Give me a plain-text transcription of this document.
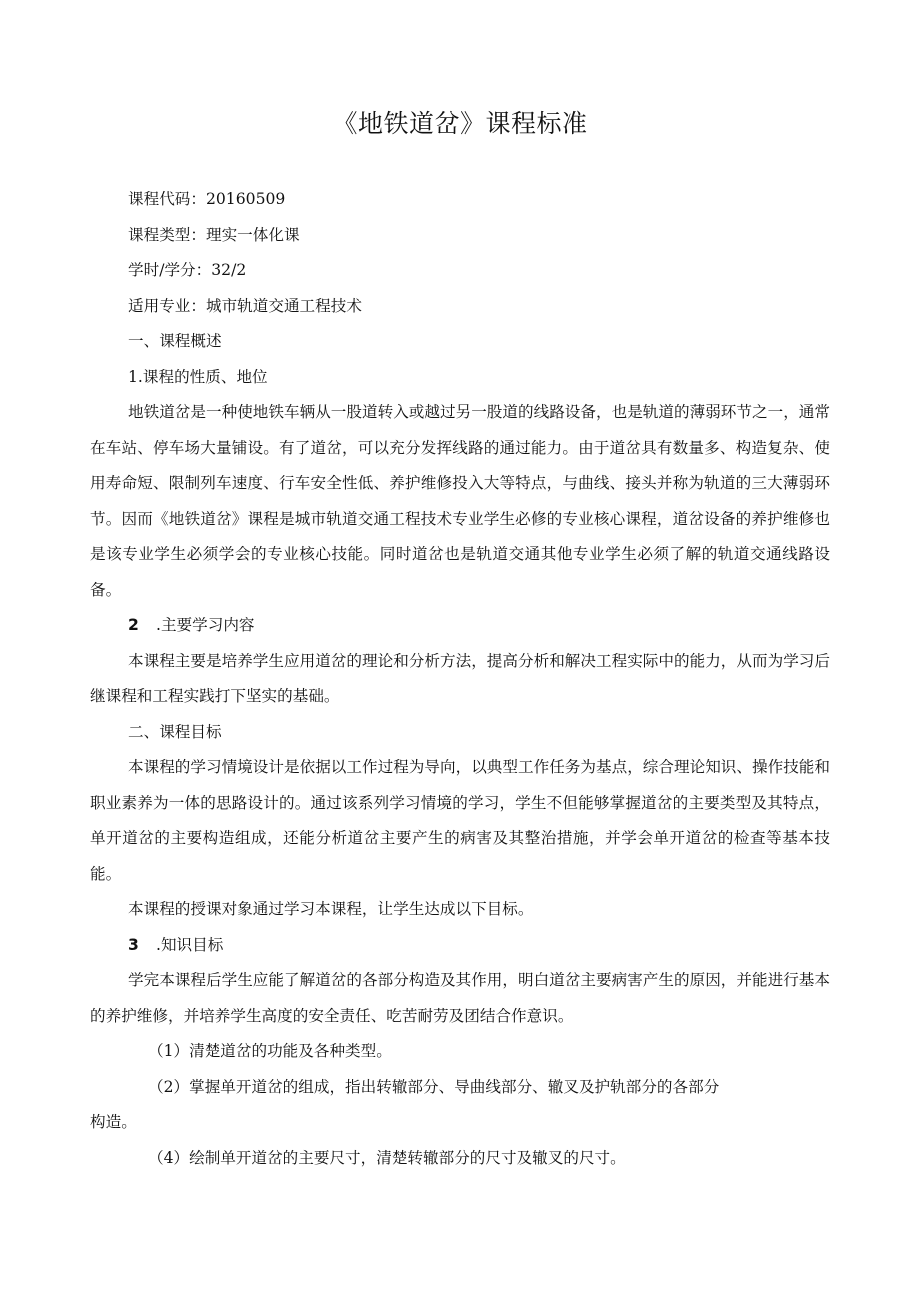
《地铁道岔》课程标准

课程代码：20160509

课程类型：理实一体化课

学时/学分：32/2

适用专业：城市轨道交通工程技术

一、课程概述

1.课程的性质、地位

地铁道岔是一种使地铁车辆从一股道转入或越过另一股道的线路设备，也是轨道的薄弱环节之一，通常在车站、停车场大量铺设。有了道岔，可以充分发挥线路的通过能力。由于道岔具有数量多、构造复杂、使用寿命短、限制列车速度、行车安全性低、养护维修投入大等特点，与曲线、接头并称为轨道的三大薄弱环节。因而《地铁道岔》课程是城市轨道交通工程技术专业学生必修的专业核心课程，道岔设备的养护维修也是该专业学生必须学会的专业核心技能。同时道岔也是轨道交通其他专业学生必须了解的轨道交通线路设备。

2 .主要学习内容

本课程主要是培养学生应用道岔的理论和分析方法，提高分析和解决工程实际中的能力，从而为学习后继课程和工程实践打下坚实的基础。

二、课程目标

本课程的学习情境设计是依据以工作过程为导向，以典型工作任务为基点，综合理论知识、操作技能和职业素养为一体的思路设计的。通过该系列学习情境的学习，学生不但能够掌握道岔的主要类型及其特点，单开道岔的主要构造组成，还能分析道岔主要产生的病害及其整治措施，并学会单开道岔的检查等基本技能。

本课程的授课对象通过学习本课程，让学生达成以下目标。

3 .知识目标

学完本课程后学生应能了解道岔的各部分构造及其作用，明白道岔主要病害产生的原因，并能进行基本的养护维修，并培养学生高度的安全责任、吃苦耐劳及团结合作意识。

（1）清楚道岔的功能及各种类型。

（2）掌握单开道岔的组成，指出转辙部分、导曲线部分、辙叉及护轨部分的各部分

构造。

（4）绘制单开道岔的主要尺寸，清楚转辙部分的尺寸及辙叉的尺寸。
